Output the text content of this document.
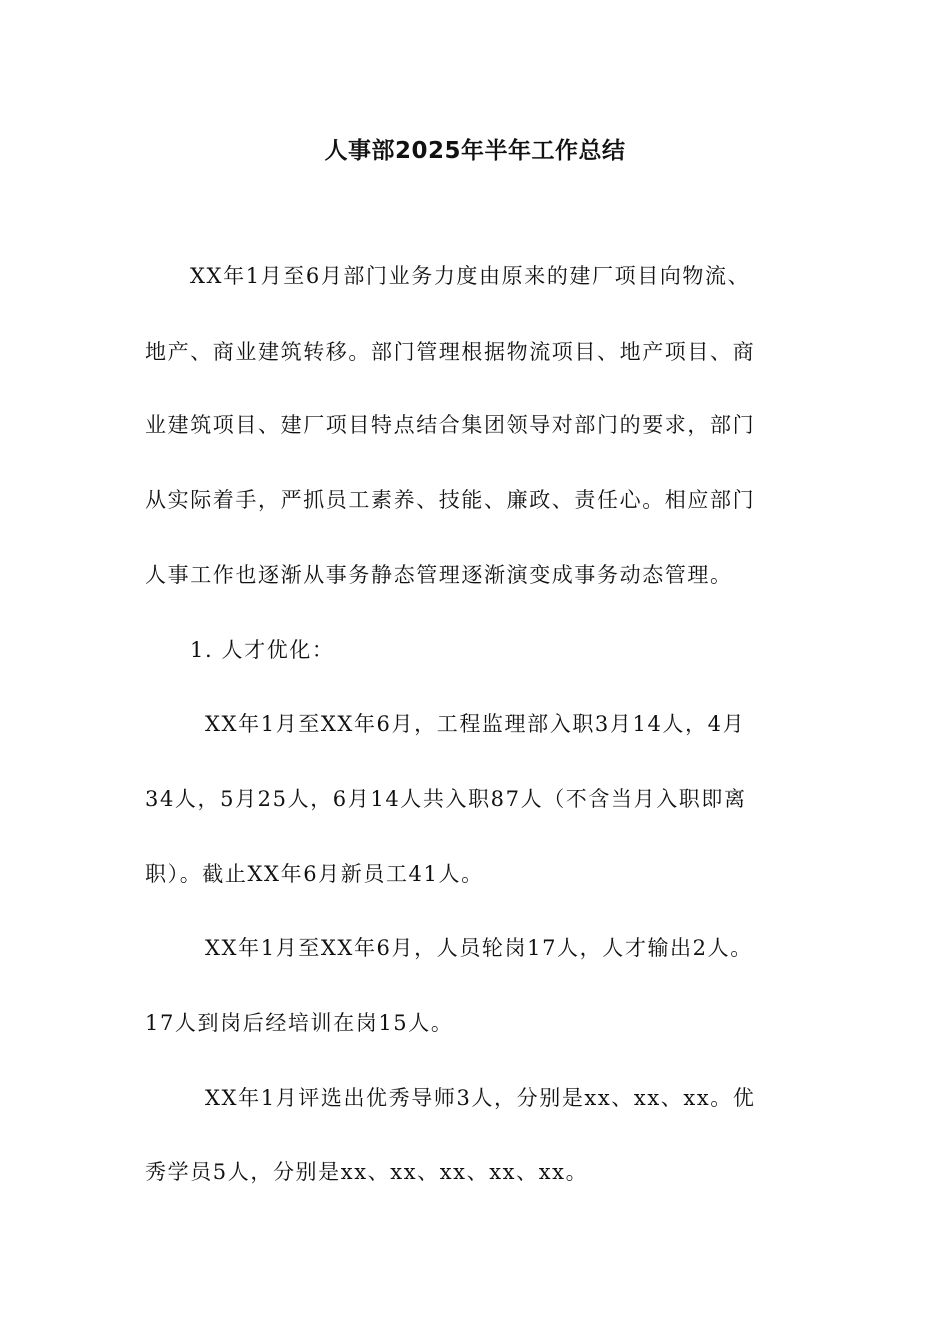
人事部2025年半年工作总结
XX年1月至6月部门业务力度由原来的建厂项目向物流、
地产、商业建筑转移。部门管理根据物流项目、地产项目、商
业建筑项目、建厂项目特点结合集团领导对部门的要求，部门
从实际着手，严抓员工素养、技能、廉政、责任心。相应部门
人事工作也逐渐从事务静态管理逐渐演变成事务动态管理。
1. 人才优化：
XX年1月至XX年6月，工程监理部入职3月14人，4月
34人，5月25人，6月14人共入职87人（不含当月入职即离
职）。截止XX年6月新员工41人。
XX年1月至XX年6月，人员轮岗17人，人才输出2人。
17人到岗后经培训在岗15人。
XX年1月评选出优秀导师3人，分别是xx、xx、xx。优
秀学员5人，分别是xx、xx、xx、xx、xx。
